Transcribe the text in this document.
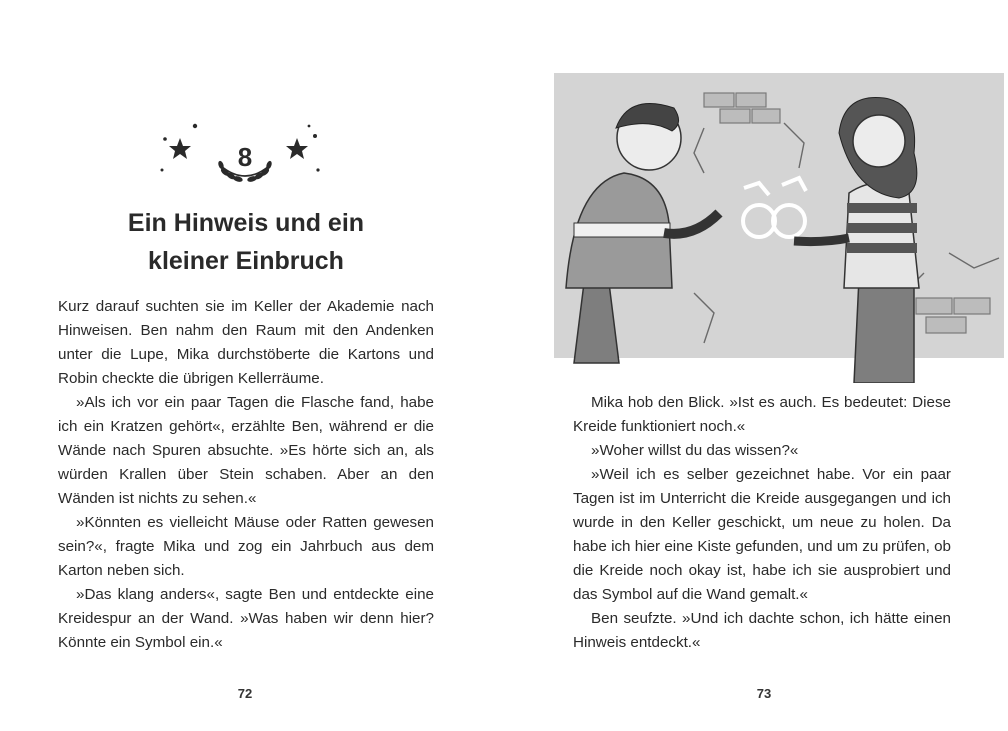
8
Ein Hinweis und ein
kleiner Einbruch

Kurz darauf suchten sie im Keller der Akademie nach Hinweisen. Ben nahm den Raum mit den Andenken unter die Lupe, Mika durchstöberte die Kartons und Robin checkte die übrigen Kellerräume.

»Als ich vor ein paar Tagen die Flasche fand, habe ich ein Kratzen gehört«, erzählte Ben, während er die Wände nach Spuren absuchte. »Es hörte sich an, als würden Krallen über Stein schaben. Aber an den Wänden ist nichts zu sehen.«

»Könnten es vielleicht Mäuse oder Ratten gewesen sein?«, fragte Mika und zog ein Jahrbuch aus dem Karton neben sich.

»Das klang anders«, sagte Ben und entdeckte eine Kreidespur an der Wand. »Was haben wir denn hier? Könnte ein Symbol ein.«

72

Mika hob den Blick. »Ist es auch. Es bedeutet: Diese Kreide funktioniert noch.«

»Woher willst du das wissen?«

»Weil ich es selber gezeichnet habe. Vor ein paar Tagen ist im Unterricht die Kreide ausgegangen und ich wurde in den Keller geschickt, um neue zu holen. Da habe ich hier eine Kiste gefunden, und um zu prüfen, ob die Kreide noch okay ist, habe ich sie ausprobiert und das Symbol auf die Wand gemalt.«

Ben seufzte. »Und ich dachte schon, ich hätte einen Hinweis entdeckt.«

73
